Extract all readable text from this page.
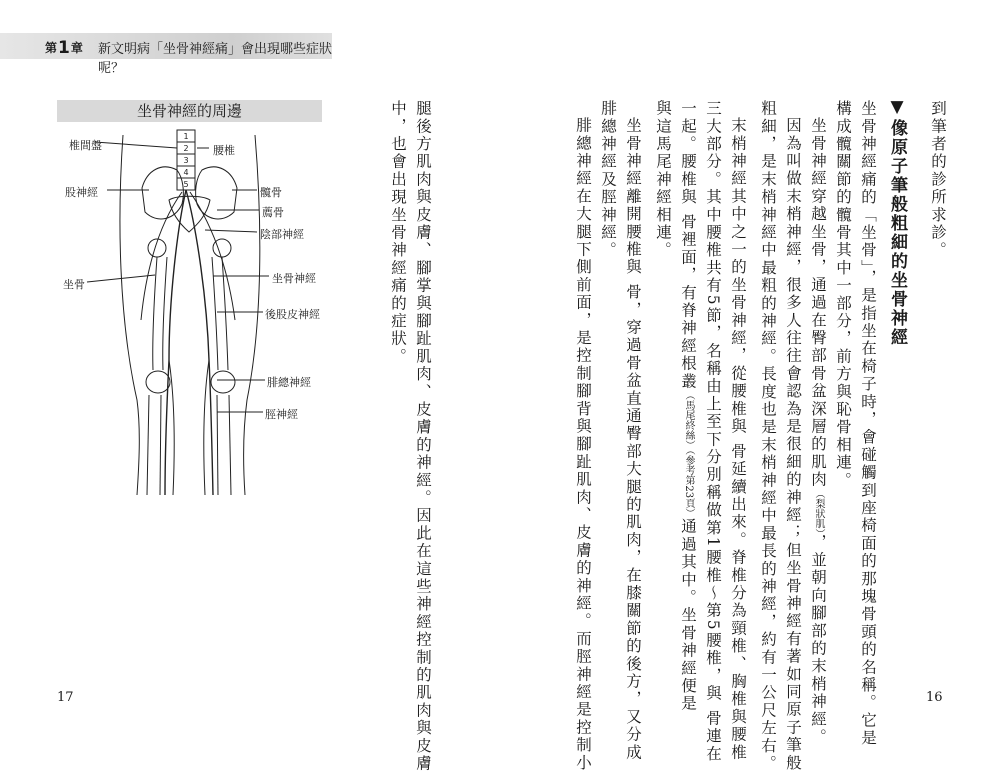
第1章 新文明病「坐骨神經痛」會出現哪些症狀呢？
1
2
3
4
5
坐骨神經的周邊
椎間盤	腰椎
股神經	髖骨
薦骨
陰部神經
坐骨	坐骨神經
後股皮神經
腓總神經
脛神經
到筆者的診所求診。
▼像原子筆般粗細的坐骨神經
坐骨神經痛的「坐骨」，是指坐在椅子時，會碰觸到座椅面的那塊骨頭的名稱。它是
構成髖關節的髖骨其中一部分，前方與恥骨相連。
坐骨神經穿越坐骨，通過在臀部骨盆深層的肌肉（梨狀肌），並朝向腳部的末梢神經。
因為叫做末梢神經，很多人往往會認為是很細的神經；但坐骨神經有著如同原子筆般
粗細，是末梢神經中最粗的神經。長度也是末梢神經中最長的神經，約有一公尺左右。
末梢神經其中之一的坐骨神經，從腰椎與 骨延續出來。脊椎分為頸椎、胸椎與腰椎
三大部分。其中腰椎共有5節，名稱由上至下分別稱做第1腰椎〜第5腰椎，與 骨連在
一起。腰椎與 骨裡面，有脊神經根叢（馬尾終絲）（參考第23頁）通過其中。坐骨神經便是
與這馬尾神經相連。
坐骨神經離開腰椎與 骨，穿過骨盆直通臀部大腿的肌肉，在膝關節的後方，又分成
腓總神經及脛神經。
腓總神經在大腿下側前面，是控制腳背與腳趾肌肉、皮膚的神經。而脛神經是控制小
腿後方肌肉與皮膚、腳掌與腳趾肌肉、皮膚的神經。因此在這些神經控制的肌肉與皮膚
中，也會出現坐骨神經痛的症狀。
17	16
